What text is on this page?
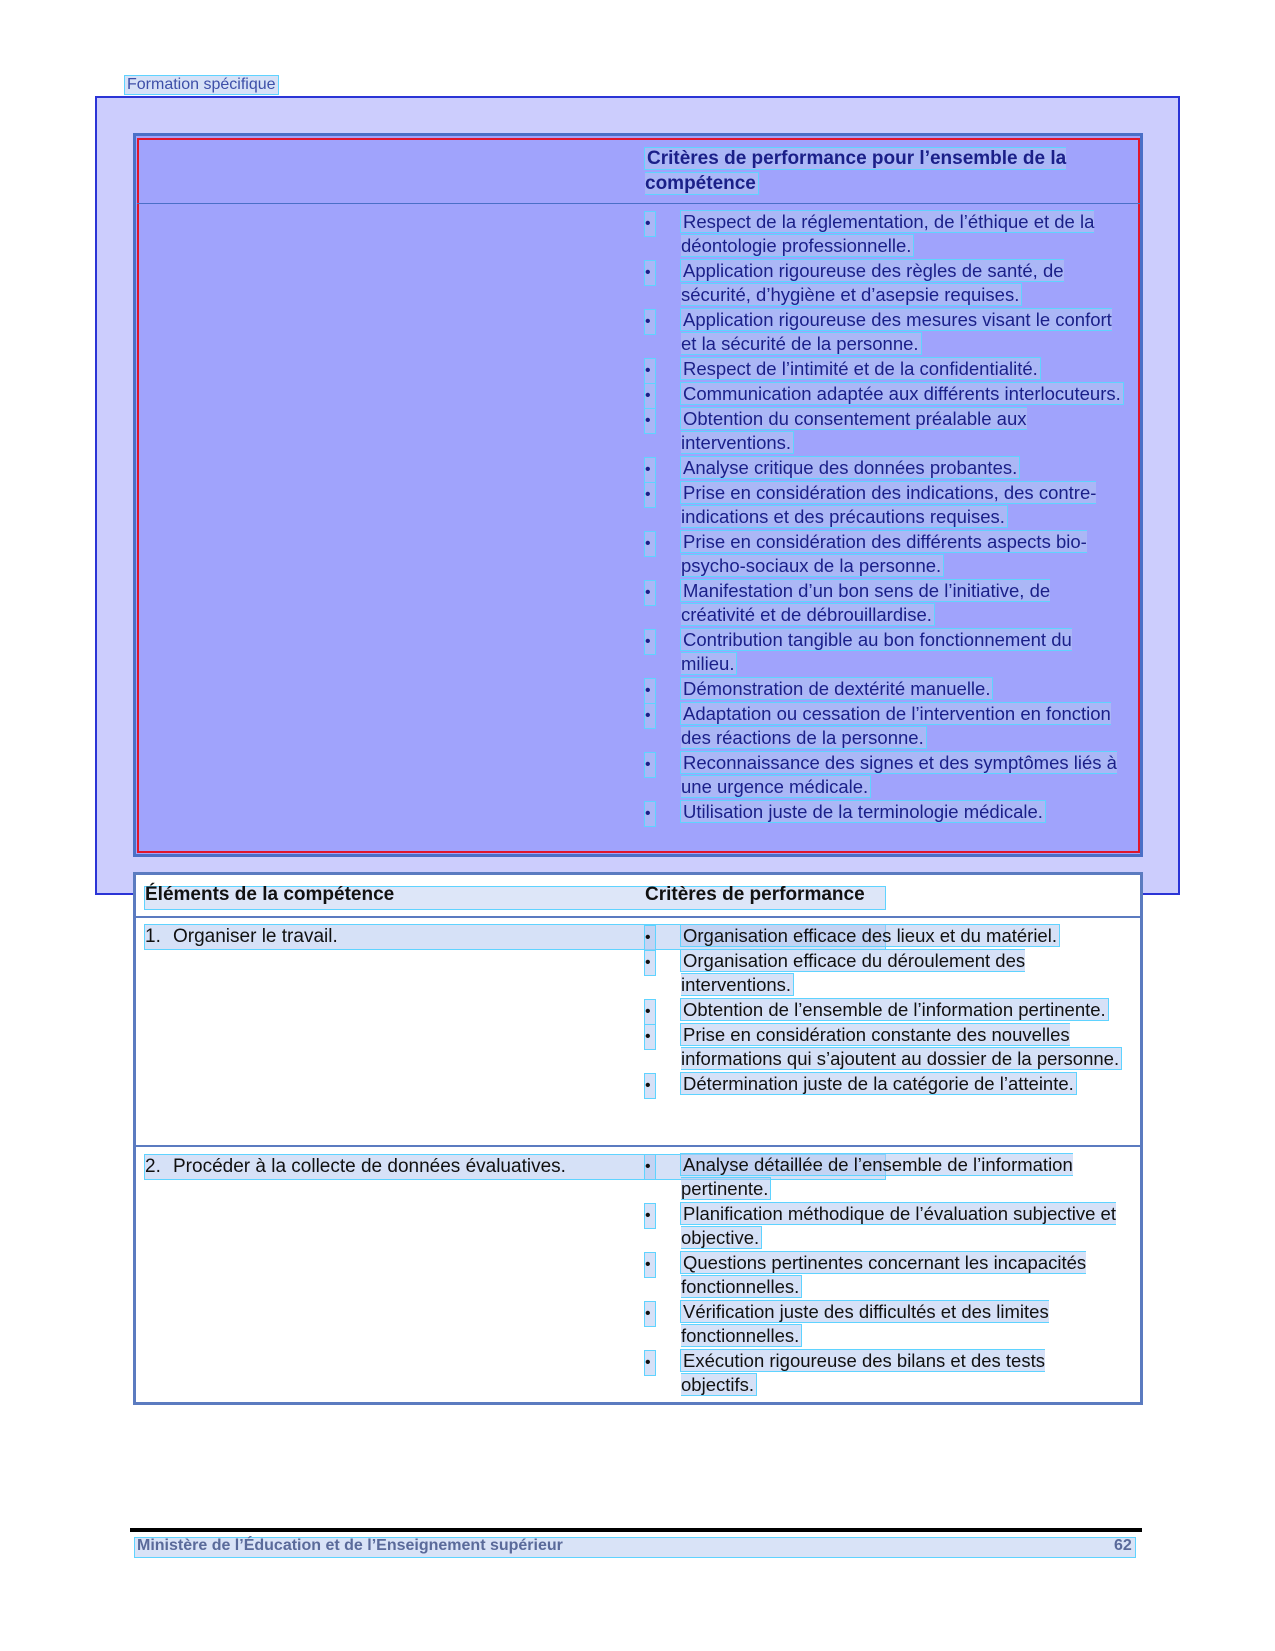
Formation spécifique
Critères de performance pour l’ensemble de la compétence
• Respect de la réglementation, de l’éthique et de la déontologie professionnelle.
• Application rigoureuse des règles de santé, de sécurité, d’hygiène et d’asepsie requises.
• Application rigoureuse des mesures visant le confort et la sécurité de la personne.
• Respect de l’intimité et de la confidentialité.
• Communication adaptée aux différents interlocuteurs.
• Obtention du consentement préalable aux interventions.
• Analyse critique des données probantes.
• Prise en considération des indications, des contre-indications et des précautions requises.
• Prise en considération des différents aspects bio-psycho-sociaux de la personne.
• Manifestation d’un bon sens de l’initiative, de créativité et de débrouillardise.
• Contribution tangible au bon fonctionnement du milieu.
• Démonstration de dextérité manuelle.
• Adaptation ou cessation de l’intervention en fonction des réactions de la personne.
• Reconnaissance des signes et des symptômes liés à une urgence médicale.
• Utilisation juste de la terminologie médicale.
Éléments de la compétence	Critères de performance
1. Organiser le travail.	• Organisation efficace des lieux et du matériel.
• Organisation efficace du déroulement des interventions.
• Obtention de l’ensemble de l’information pertinente.
• Prise en considération constante des nouvelles informations qui s’ajoutent au dossier de la personne.
• Détermination juste de la catégorie de l’atteinte.
2. Procéder à la collecte de données évaluatives.	• Analyse détaillée de l’ensemble de l’information pertinente.
• Planification méthodique de l’évaluation subjective et objective.
• Questions pertinentes concernant les incapacités fonctionnelles.
• Vérification juste des difficultés et des limites fonctionnelles.
• Exécution rigoureuse des bilans et des tests objectifs.
Ministère de l’Éducation et de l’Enseignement supérieur	62
